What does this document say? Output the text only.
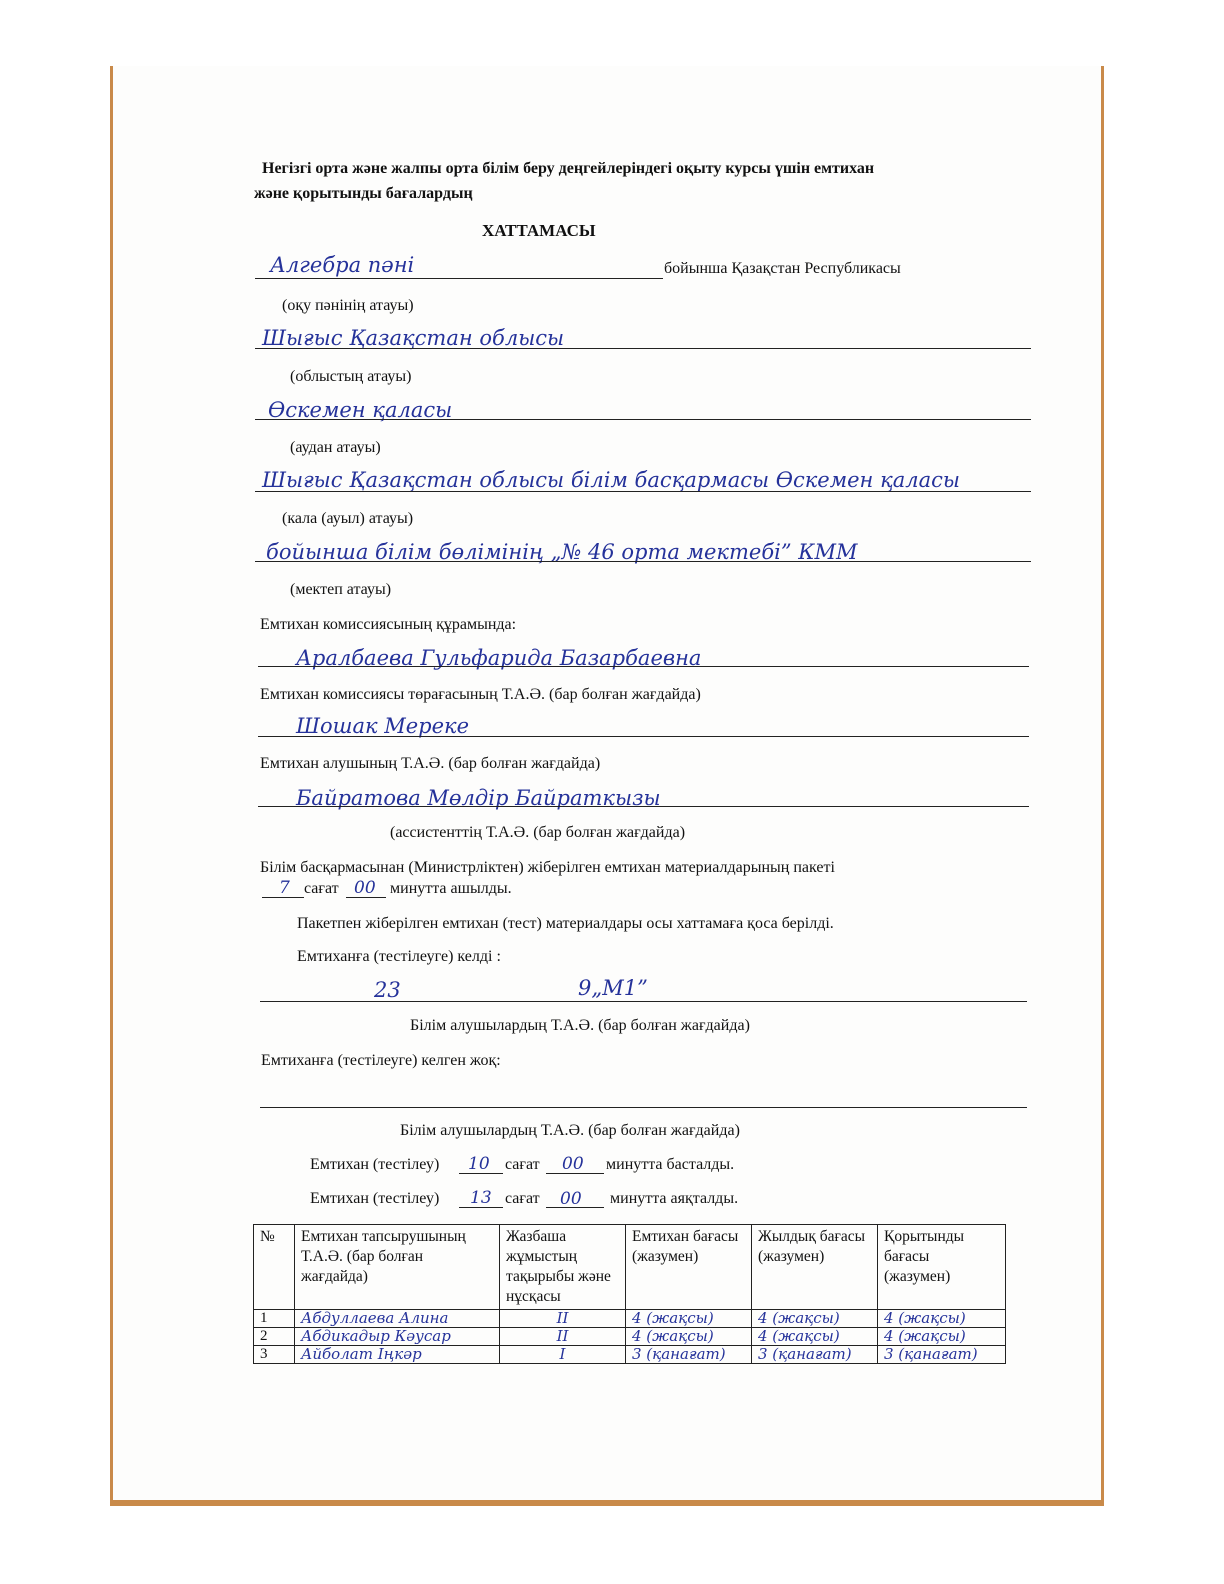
Негізгі орта және жалпы орта білім беру деңгейлеріндегі оқыту курсы үшін емтихан
және қорытынды бағалардың
ХАТТАМАСЫ
Алгебра пәні	бойынша Қазақстан Республикасы
(оқу пәнінің атауы)
Шығыс Қазақстан облысы
(облыстың атауы)
Өскемен қаласы
(аудан атауы)
Шығыс Қазақстан облысы білім басқармасы Өскемен қаласы
(кала (ауыл) атауы)
бойынша білім бөлімінің „№ 46 орта мектебі” КММ
(мектеп атауы)
Емтихан комиссиясының құрамында:
Аралбаева Гульфарида Базарбаевна
Емтихан комиссиясы төрағасының Т.А.Ә. (бар болған жағдайда)
Шошак Мереке
Емтихан алушының Т.А.Ә. (бар болған жағдайда)
Байратова Мөлдір Байраткызы
(ассистенттің Т.А.Ә. (бар болған жағдайда)
Білім басқармасынан (Министрліктен) жіберілген емтихан материалдарының пакеті
7 сағат 00 минутта ашылды.
Пакетпен жіберілген емтихан (тест) материалдары осы хаттамаға қоса берілді.
Емтиханға (тестілеуге) келді :
23	9„М1”
Білім алушылардың Т.А.Ә. (бар болған жағдайда)
Емтиханға (тестілеуге) келген жоқ:
Білім алушылардың Т.А.Ә. (бар болған жағдайда)
Емтихан (тестілеу) 10 сағат 00 минутта басталды.
Емтихан (тестілеу) 13 сағат 00 минутта аяқталды.
№	Емтихан тапсырушының Т.А.Ә. (бар болған жағдайда)	Жазбаша жұмыстың тақырыбы және нұсқасы	Емтихан бағасы (жазумен)	Жылдық бағасы (жазумен)	Қорытынды бағасы (жазумен)
1	Абдуллаева Алина	II	4 (жақсы)	4 (жақсы)	4 (жақсы)
2	Абдикадыр Кәусар	II	4 (жақсы)	4 (жақсы)	4 (жақсы)
3	Айболат Іңкәр	I	3 (қанағат)	3 (қанағат)	3 (қанағат)
